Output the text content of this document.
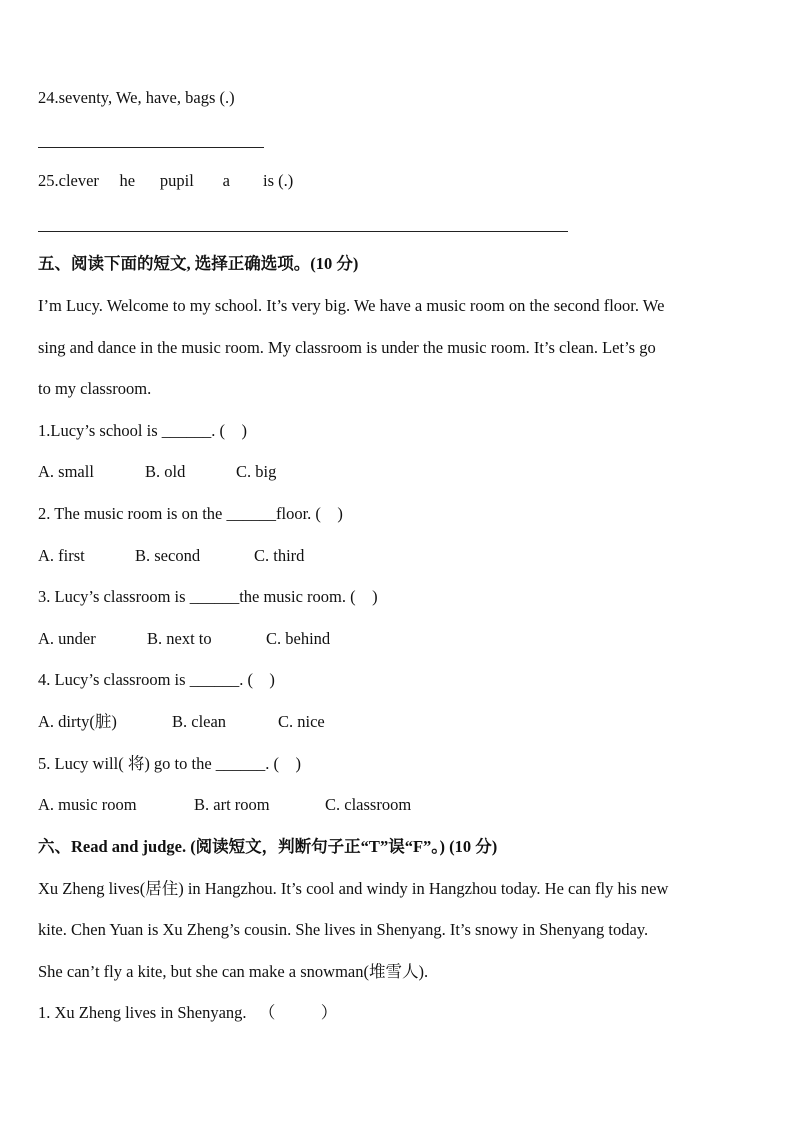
24.seventy, We, have, bags (.)
25.clever     he      pupil       a        is (.)
五、阅读下面的短文, 选择正确选项。(10 分)
I’m Lucy. Welcome to my school. It’s very big. We have a music room on the second floor. We
sing and dance in the music room. My classroom is under the music room. It’s clean. Let’s go
to my classroom.
1.Lucy’s school is ______. (    )
A. small	B. old	C. big
2. The music room is on the ______floor. (    )
A. first	B. second	C. third
3. Lucy’s classroom is ______the music room. (    )
A. under	B. next to	C. behind
4. Lucy’s classroom is ______. (    )
A. dirty(脏)	B. clean	C. nice
5. Lucy will( 将) go to the ______. (    )
A. music room	B. art room	C. classroom
六、Read and judge. (阅读短文，判断句子正“T”误“F”。) (10 分)
Xu Zheng lives(居住) in Hangzhou. It’s cool and windy in Hangzhou today. He can fly his new
kite. Chen Yuan is Xu Zheng’s cousin. She lives in Shenyang. It’s snowy in Shenyang today.
She can’t fly a kite, but she can make a snowman(堆雪人).
1. Xu Zheng lives in Shenyang.   （           ）
